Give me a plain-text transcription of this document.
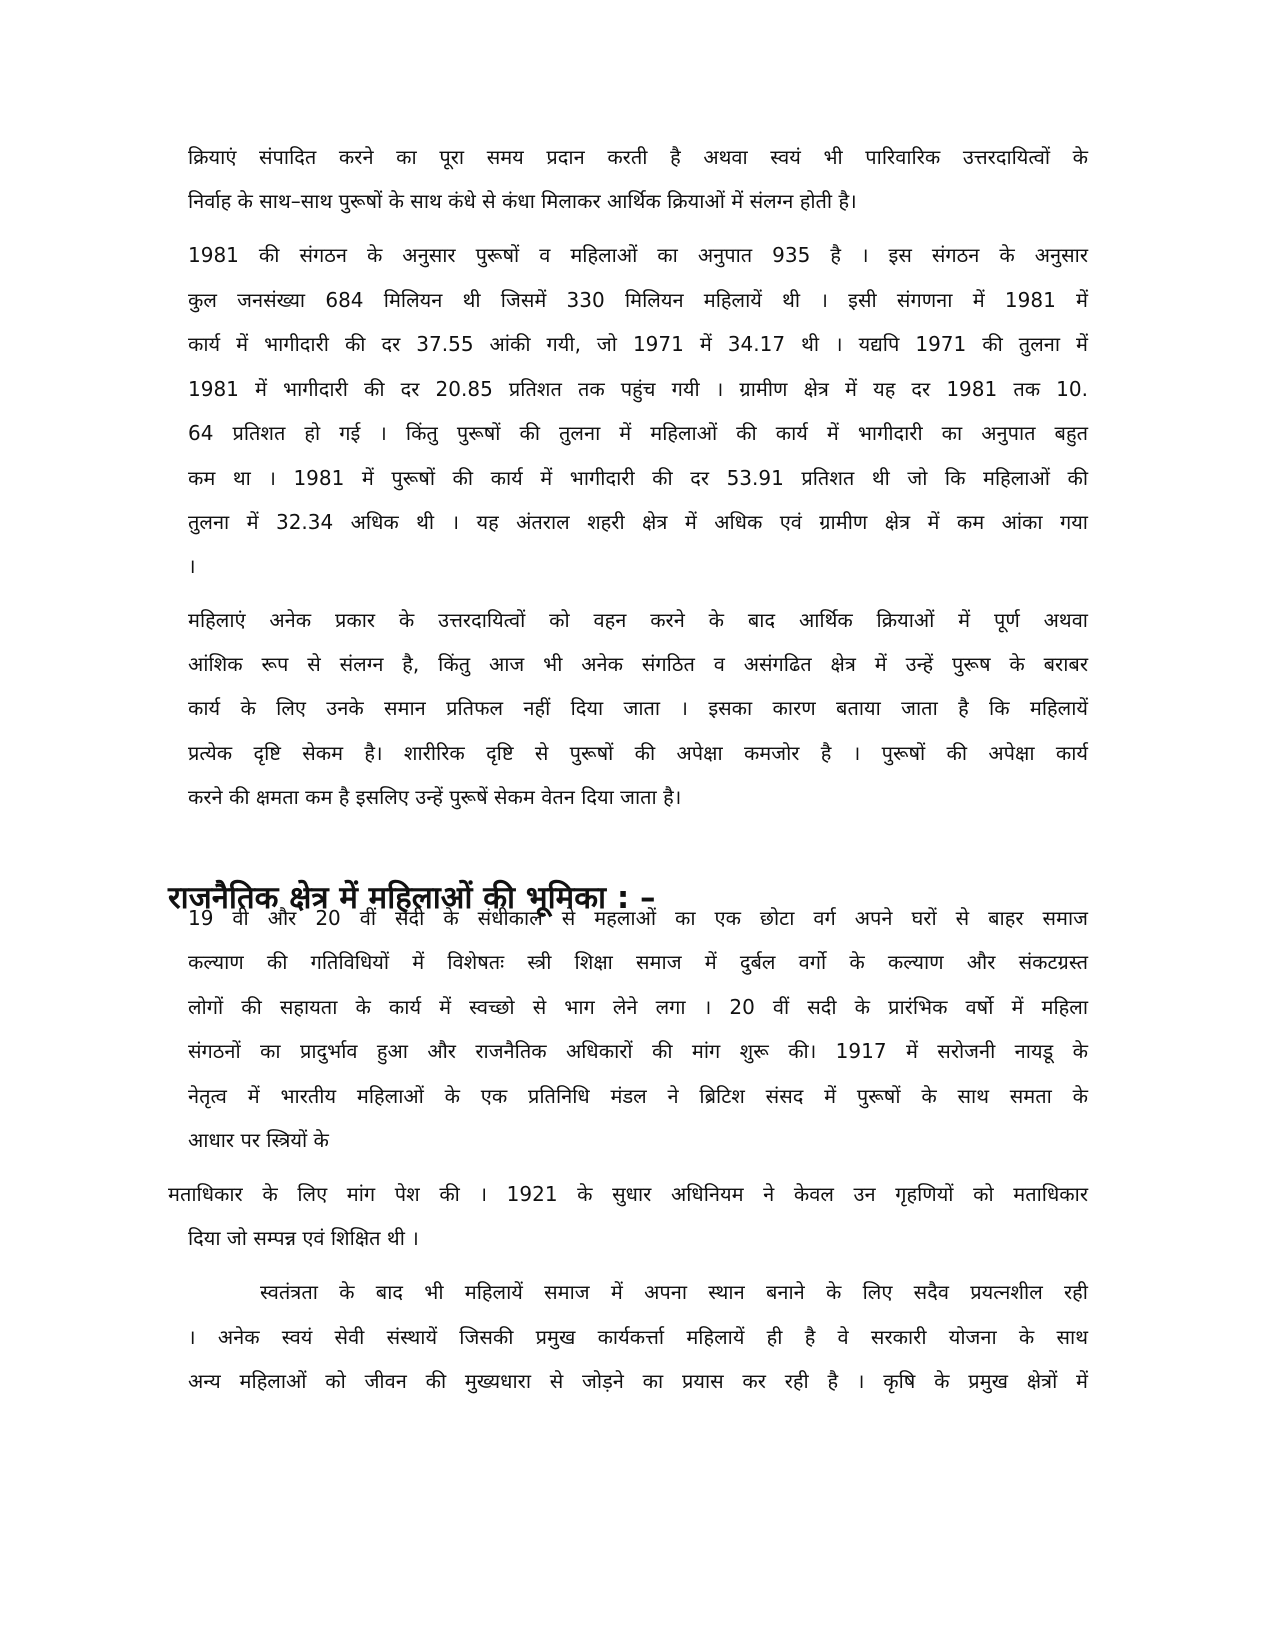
क्रियाएं संपादित करने का पूरा समय प्रदान करती है अथवा स्वयं भी पारिवारिक उत्तरदायित्वों के
निर्वाह के साथ–साथ पुरूषों के साथ कंधे से कंधा मिलाकर आर्थिक क्रियाओं में संलग्न होती है।
1981 की संगठन के अनुसार पुरूषों व महिलाओं का अनुपात 935 है । इस संगठन के अनुसार
कुल जनसंख्या 684 मिलियन थी जिसमें 330 मिलियन महिलायें थी । इसी संगणना में 1981 में
कार्य में भागीदारी की दर 37.55 आंकी गयी, जो 1971 में 34.17 थी । यद्यपि 1971 की तुलना में
1981 में भागीदारी की दर 20.85 प्रतिशत तक पहुंच गयी । ग्रामीण क्षेत्र में यह दर 1981 तक 10.
64 प्रतिशत हो गई । किंतु पुरूषों की तुलना में महिलाओं की कार्य में भागीदारी का अनुपात बहुत
कम था । 1981 में पुरूषों की कार्य में भागीदारी की दर 53.91 प्रतिशत थी जो कि महिलाओं की
तुलना में 32.34 अधिक थी । यह अंतराल शहरी क्षेत्र में अधिक एवं ग्रामीण क्षेत्र में कम आंका गया
।
महिलाएं अनेक प्रकार के उत्तरदायित्वों को वहन करने के बाद आर्थिक क्रियाओं में पूर्ण अथवा
आंशिक रूप से संलग्न है, किंतु आज भी अनेक संगठित व असंगढित क्षेत्र में उन्हें पुरूष के बराबर
कार्य के लिए उनके समान प्रतिफल नहीं दिया जाता । इसका कारण बताया जाता है कि महिलायें
प्रत्येक दृष्टि सेकम है। शारीरिक दृष्टि से पुरूषों की अपेक्षा कमजोर है । पुरूषों की अपेक्षा कार्य
करने की क्षमता कम है इसलिए उन्हें पुरूषें सेकम वेतन दिया जाता है।
राजनैतिक क्षेत्र में महिलाओं की भूमिका : –
19 वी और 20 वीं सदी के संधीकाल से महलाओं का एक छोटा वर्ग अपने घरों से बाहर समाज
कल्याण की गतिविधियों में विशेषतः स्त्री शिक्षा समाज में दुर्बल वर्गो के कल्याण और संकटग्रस्त
लोगों की सहायता के कार्य में स्वच्छो से भाग लेने लगा । 20 वीं सदी के प्रारंभिक वर्षो में महिला
संगठनों का प्रादुर्भाव हुआ और राजनैतिक अधिकारों की मांग शुरू की। 1917 में सरोजनी नायडू के
नेतृत्व में भारतीय महिलाओं के एक प्रतिनिधि मंडल ने ब्रिटिश संसद में पुरूषों के साथ समता के
आधार पर स्त्रियों के
मताधिकार के लिए मांग पेश की । 1921 के सुधार अधिनियम ने केवल उन गृहणियों को मताधिकार
दिया जो सम्पन्न एवं शिक्षित थी ।
स्वतंत्रता के बाद भी महिलायें समाज में अपना स्थान बनाने के लिए सदैव प्रयत्नशील रही
। अनेक स्वयं सेवी संस्थायें जिसकी प्रमुख कार्यकर्त्ता महिलायें ही है वे सरकारी योजना के साथ
अन्य महिलाओं को जीवन की मुख्यधारा से जोड़ने का प्रयास कर रही है । कृषि के प्रमुख क्षेत्रों में
